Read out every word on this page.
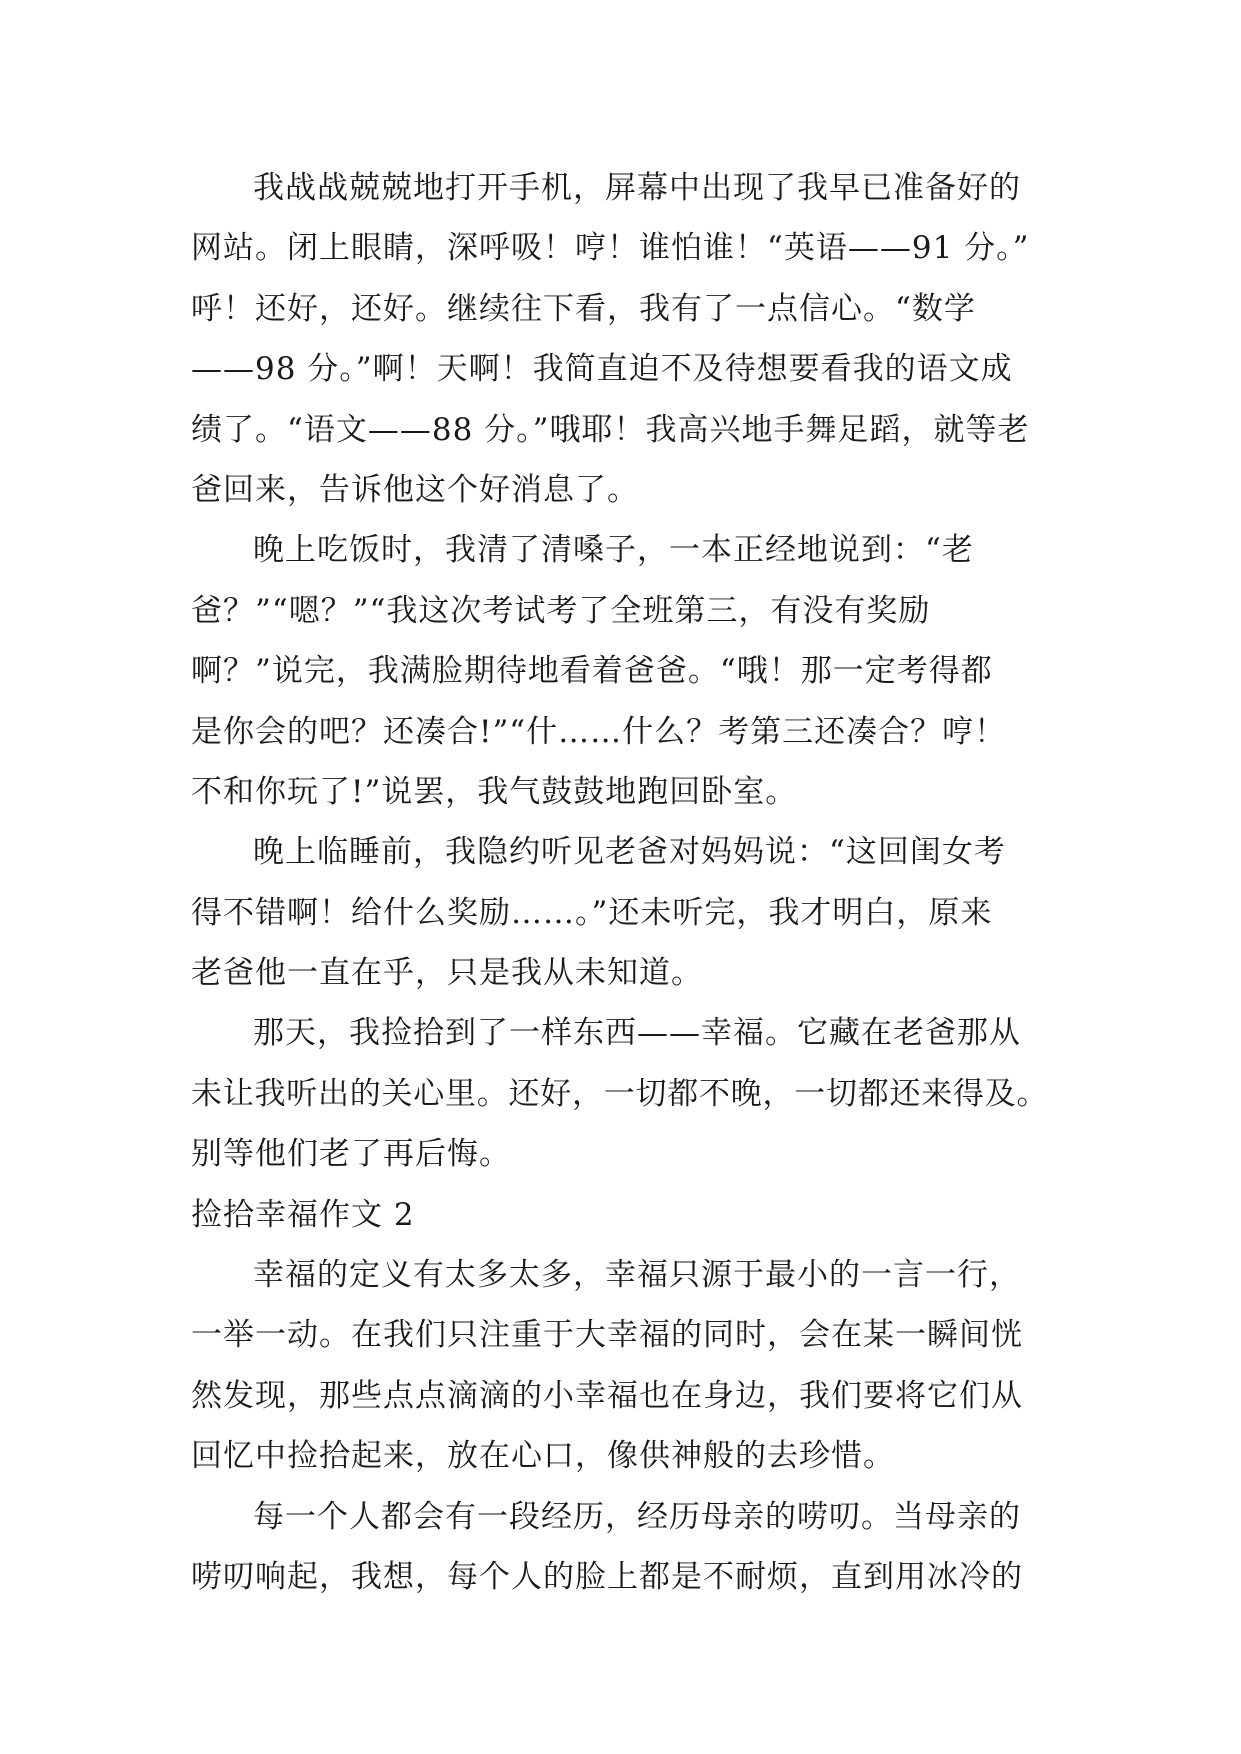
我战战兢兢地打开手机，屏幕中出现了我早已准备好的
网站。闭上眼睛，深呼吸！哼！谁怕谁！“英语——91 分。”
呼！还好，还好。继续往下看，我有了一点信心。“数学
——98 分。”啊！天啊！我简直迫不及待想要看我的语文成
绩了。“语文——88 分。”哦耶！我高兴地手舞足蹈，就等老
爸回来，告诉他这个好消息了。
晚上吃饭时，我清了清嗓子，一本正经地说到：“老
爸？”“嗯？”“我这次考试考了全班第三，有没有奖励
啊？”说完，我满脸期待地看着爸爸。“哦！那一定考得都
是你会的吧？还凑合!”“什……什么？考第三还凑合？哼！
不和你玩了!”说罢，我气鼓鼓地跑回卧室。
晚上临睡前，我隐约听见老爸对妈妈说：“这回闺女考
得不错啊！给什么奖励……。”还未听完，我才明白，原来
老爸他一直在乎，只是我从未知道。
那天，我捡拾到了一样东西——幸福。它藏在老爸那从
未让我听出的关心里。还好，一切都不晚，一切都还来得及。
别等他们老了再后悔。
捡拾幸福作文 2
幸福的定义有太多太多，幸福只源于最小的一言一行，
一举一动。在我们只注重于大幸福的同时，会在某一瞬间恍
然发现，那些点点滴滴的小幸福也在身边，我们要将它们从
回忆中捡拾起来，放在心口，像供神般的去珍惜。
每一个人都会有一段经历，经历母亲的唠叨。当母亲的
唠叨响起，我想，每个人的脸上都是不耐烦，直到用冰冷的
